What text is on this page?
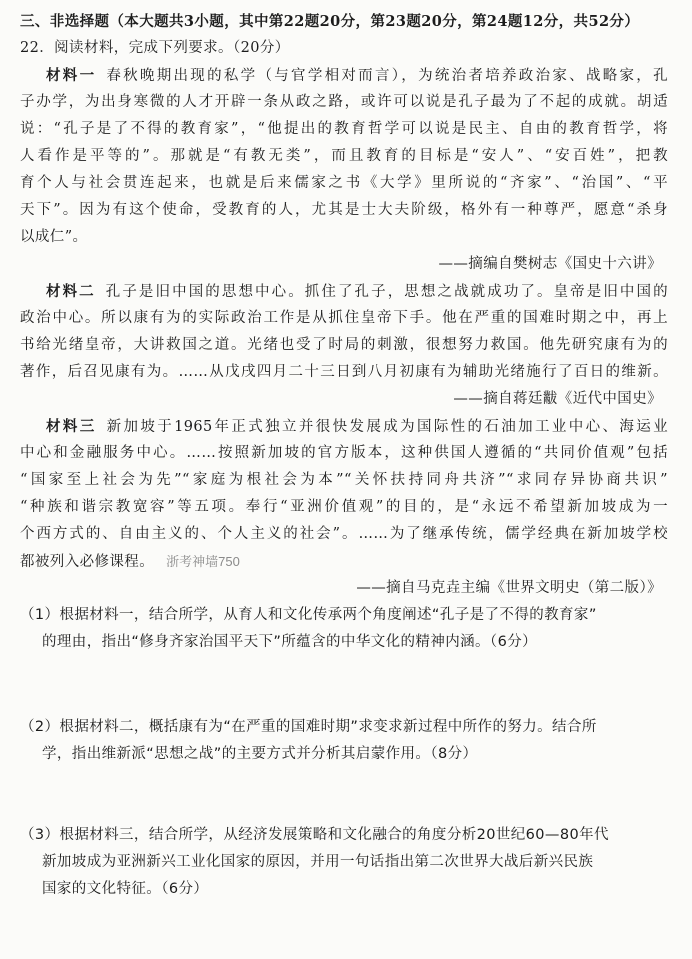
三、非选择题（本大题共3小题，其中第22题20分，第23题20分，第24题12分，共52分）
22．阅读材料，完成下列要求。（20分）
材料一 春秋晚期出现的私学（与官学相对而言），为统治者培养政治家、战略家，孔
子办学，为出身寒微的人才开辟一条从政之路，或许可以说是孔子最为了不起的成就。胡适
说：“孔子是了不得的教育家”，“他提出的教育哲学可以说是民主、自由的教育哲学，将
人看作是平等的”。那就是“有教无类”，而且教育的目标是“安人”、“安百姓”，把教
育个人与社会贯连起来，也就是后来儒家之书《大学》里所说的“齐家”、“治国”、“平
天下”。因为有这个使命，受教育的人，尤其是士大夫阶级，格外有一种尊严，愿意“杀身
以成仁”。
——摘编自樊树志《国史十六讲》
材料二 孔子是旧中国的思想中心。抓住了孔子，思想之战就成功了。皇帝是旧中国的
政治中心。所以康有为的实际政治工作是从抓住皇帝下手。他在严重的国难时期之中，再上
书给光绪皇帝，大讲救国之道。光绪也受了时局的刺激，很想努力救国。他先研究康有为的
著作，后召见康有为。……从戊戌四月二十三日到八月初康有为辅助光绪施行了百日的维新。
——摘自蒋廷黻《近代中国史》
材料三 新加坡于1965年正式独立并很快发展成为国际性的石油加工业中心、海运业
中心和金融服务中心。……按照新加坡的官方版本，这种供国人遵循的“共同价值观”包括
“国家至上社会为先”“家庭为根社会为本”“关怀扶持同舟共济”“求同存异协商共识”
“种族和谐宗教宽容”等五项。奉行“亚洲价值观”的目的，是“永远不希望新加坡成为一
个西方式的、自由主义的、个人主义的社会”。……为了继承传统，儒学经典在新加坡学校
都被列入必修课程。 浙考神墙750
——摘自马克垚主编《世界文明史（第二版）》
（1）根据材料一，结合所学，从育人和文化传承两个角度阐述“孔子是了不得的教育家”
的理由，指出“修身齐家治国平天下”所蕴含的中华文化的精神内涵。（6分）
（2）根据材料二，概括康有为“在严重的国难时期”求变求新过程中所作的努力。结合所
学，指出维新派“思想之战”的主要方式并分析其启蒙作用。（8分）
（3）根据材料三，结合所学，从经济发展策略和文化融合的角度分析20世纪60—80年代
新加坡成为亚洲新兴工业化国家的原因，并用一句话指出第二次世界大战后新兴民族
国家的文化特征。（6分）
